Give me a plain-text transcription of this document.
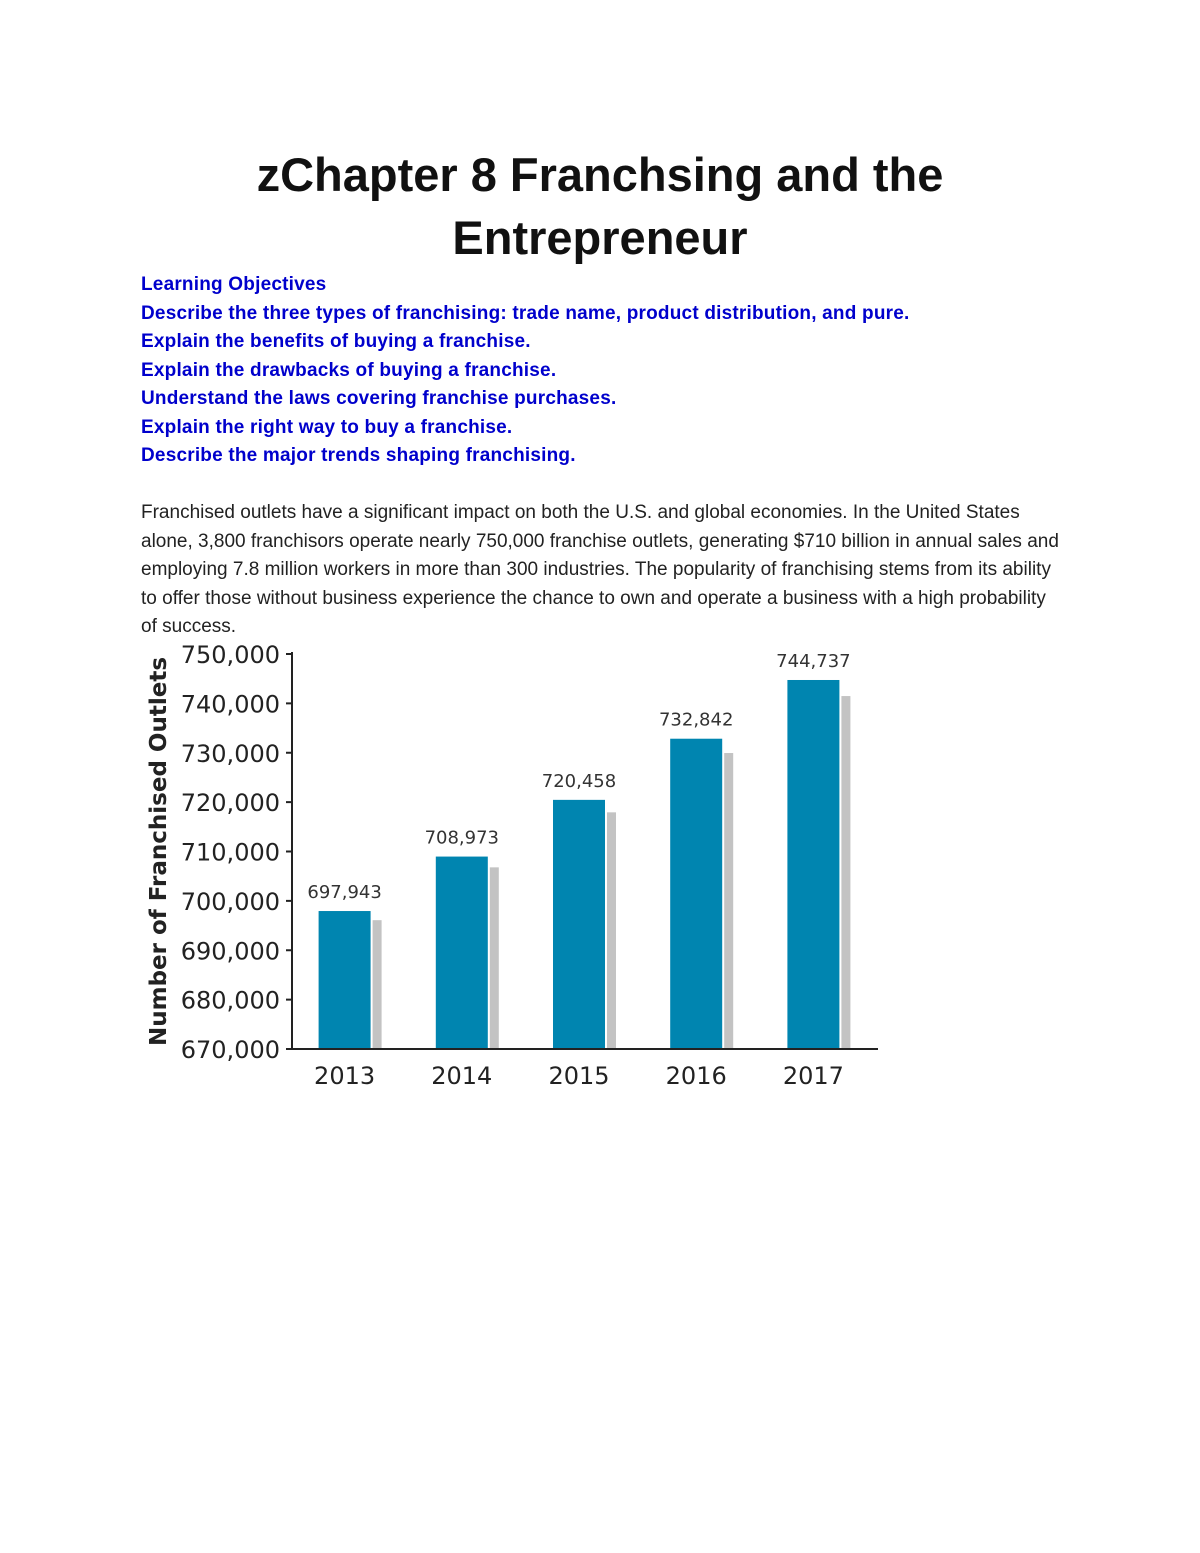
zChapter 8 Franchsing and the Entrepreneur
Learning Objectives
Describe the three types of franchising: trade name, product distribution, and pure.
Explain the benefits of buying a franchise.
Explain the drawbacks of buying a franchise.
Understand the laws covering franchise purchases.
Explain the right way to buy a franchise.
Describe the major trends shaping franchising.

Franchised outlets have a significant impact on both the U.S. and global economies. In the United States alone, 3,800 franchisors operate nearly 750,000 franchise outlets, generating $710 billion in annual sales and employing 7.8 million workers in more than 300 industries. The popularity of franchising stems from its ability to offer those without business experience the chance to own and operate a business with a high probability of success.

Number of Franchised Outlets
670,000
680,000
690,000
700,000
710,000
720,000
730,000
740,000
750,000
697,943
2013
708,973
2014
720,458
2015
732,842
2016
744,737
2017
